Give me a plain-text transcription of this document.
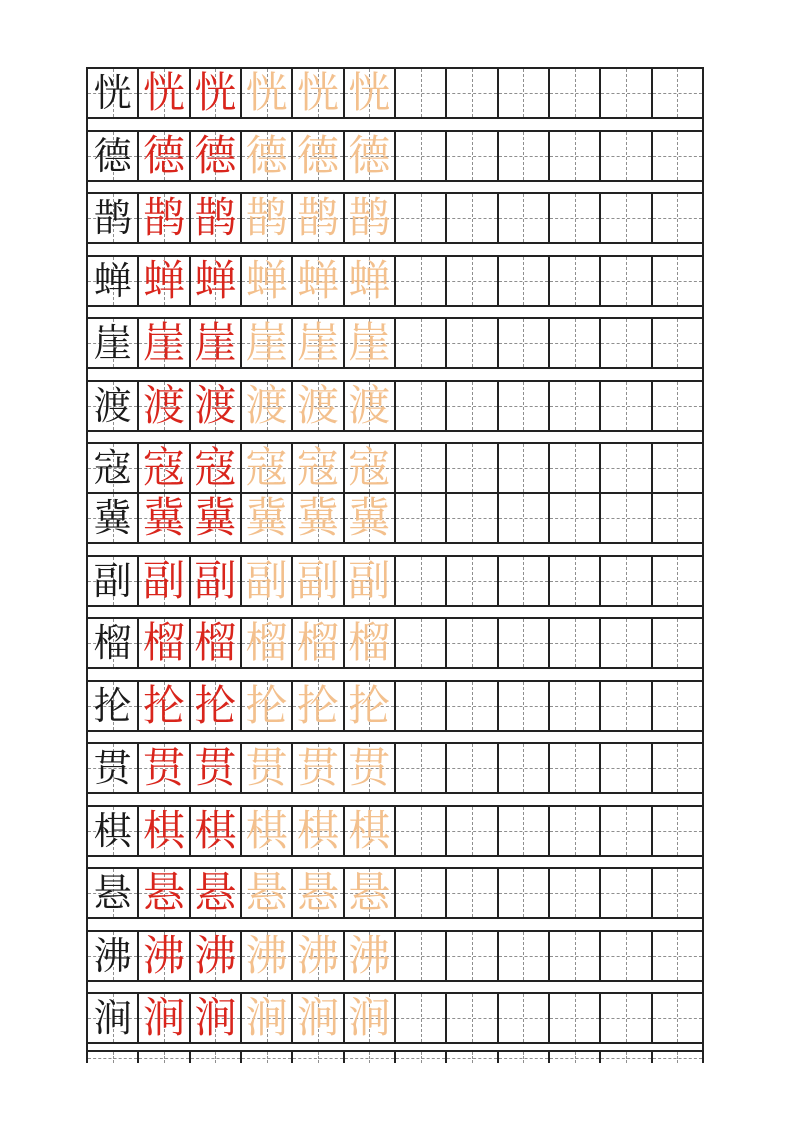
恍 恍 恍 恍 恍 恍
德 德 德 德 德 德
鹊 鹊 鹊 鹊 鹊 鹊
蝉 蝉 蝉 蝉 蝉 蝉
崖 崖 崖 崖 崖 崖
渡 渡 渡 渡 渡 渡
寇 寇 寇 寇 寇 寇
冀 冀 冀 冀 冀 冀
副 副 副 副 副 副
榴 榴 榴 榴 榴 榴
抡 抡 抡 抡 抡 抡
贯 贯 贯 贯 贯 贯
棋 棋 棋 棋 棋 棋
悬 悬 悬 悬 悬 悬
沸 沸 沸 沸 沸 沸
涧 涧 涧 涧 涧 涧
